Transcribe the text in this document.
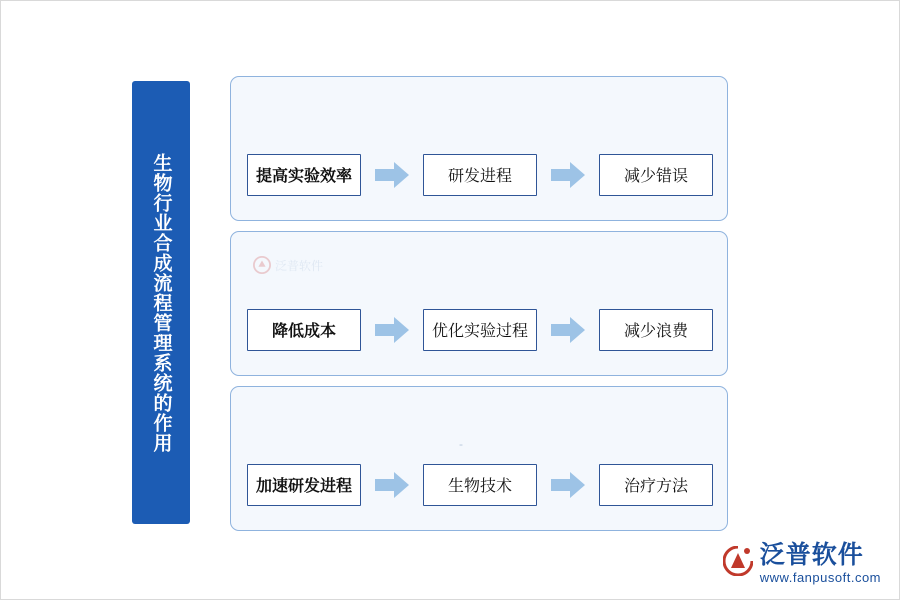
生物行业合成流程管理系统的作用	提高实验效率	研发进程	减少错误
泛普软件
降低成本	优化实验过程	减少浪费
-
加速研发进程	生物技术	治疗方法
泛普软件
www.fanpusoft.com
